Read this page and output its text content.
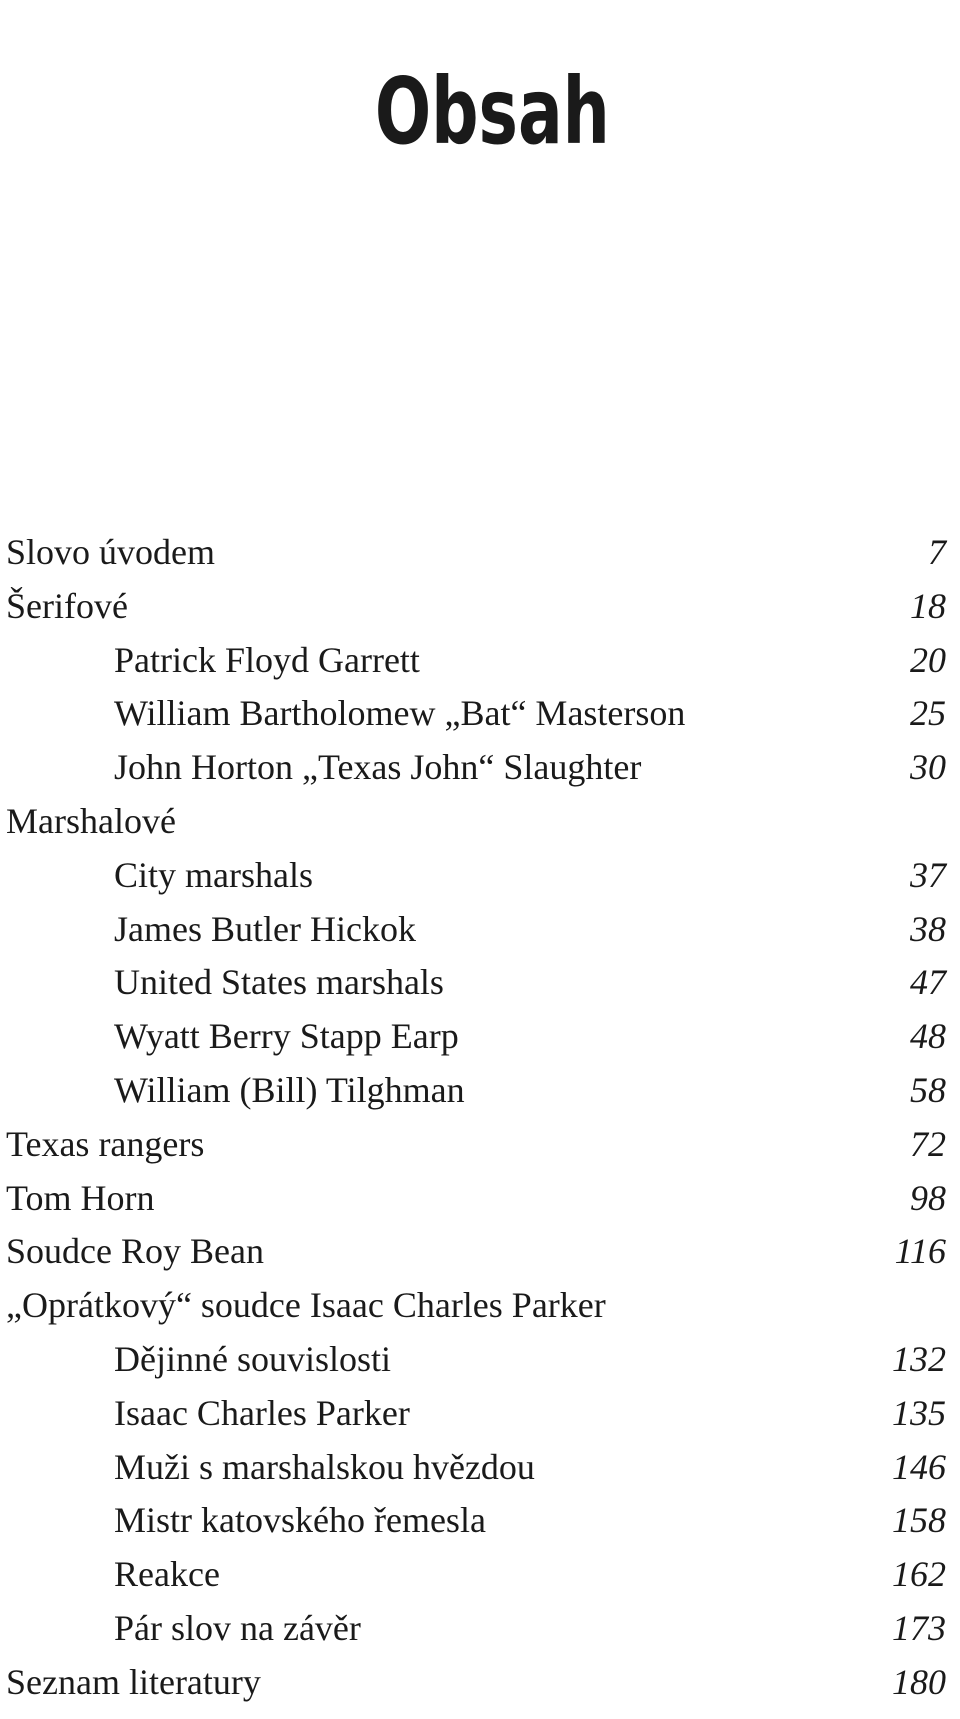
Obsah
Slovo úvodem	7
Šerifové	18
Patrick Floyd Garrett	20
William Bartholomew „Bat“ Masterson	25
John Horton „Texas John“ Slaughter	30
Marshalové
City marshals	37
James Butler Hickok	38
United States marshals	47
Wyatt Berry Stapp Earp	48
William (Bill) Tilghman	58
Texas rangers	72
Tom Horn	98
Soudce Roy Bean	116
„Oprátkový“ soudce Isaac Charles Parker
Dějinné souvislosti	132
Isaac Charles Parker	135
Muži s marshalskou hvězdou	146
Mistr katovského řemesla	158
Reakce	162
Pár slov na závěr	173
Seznam literatury	180
